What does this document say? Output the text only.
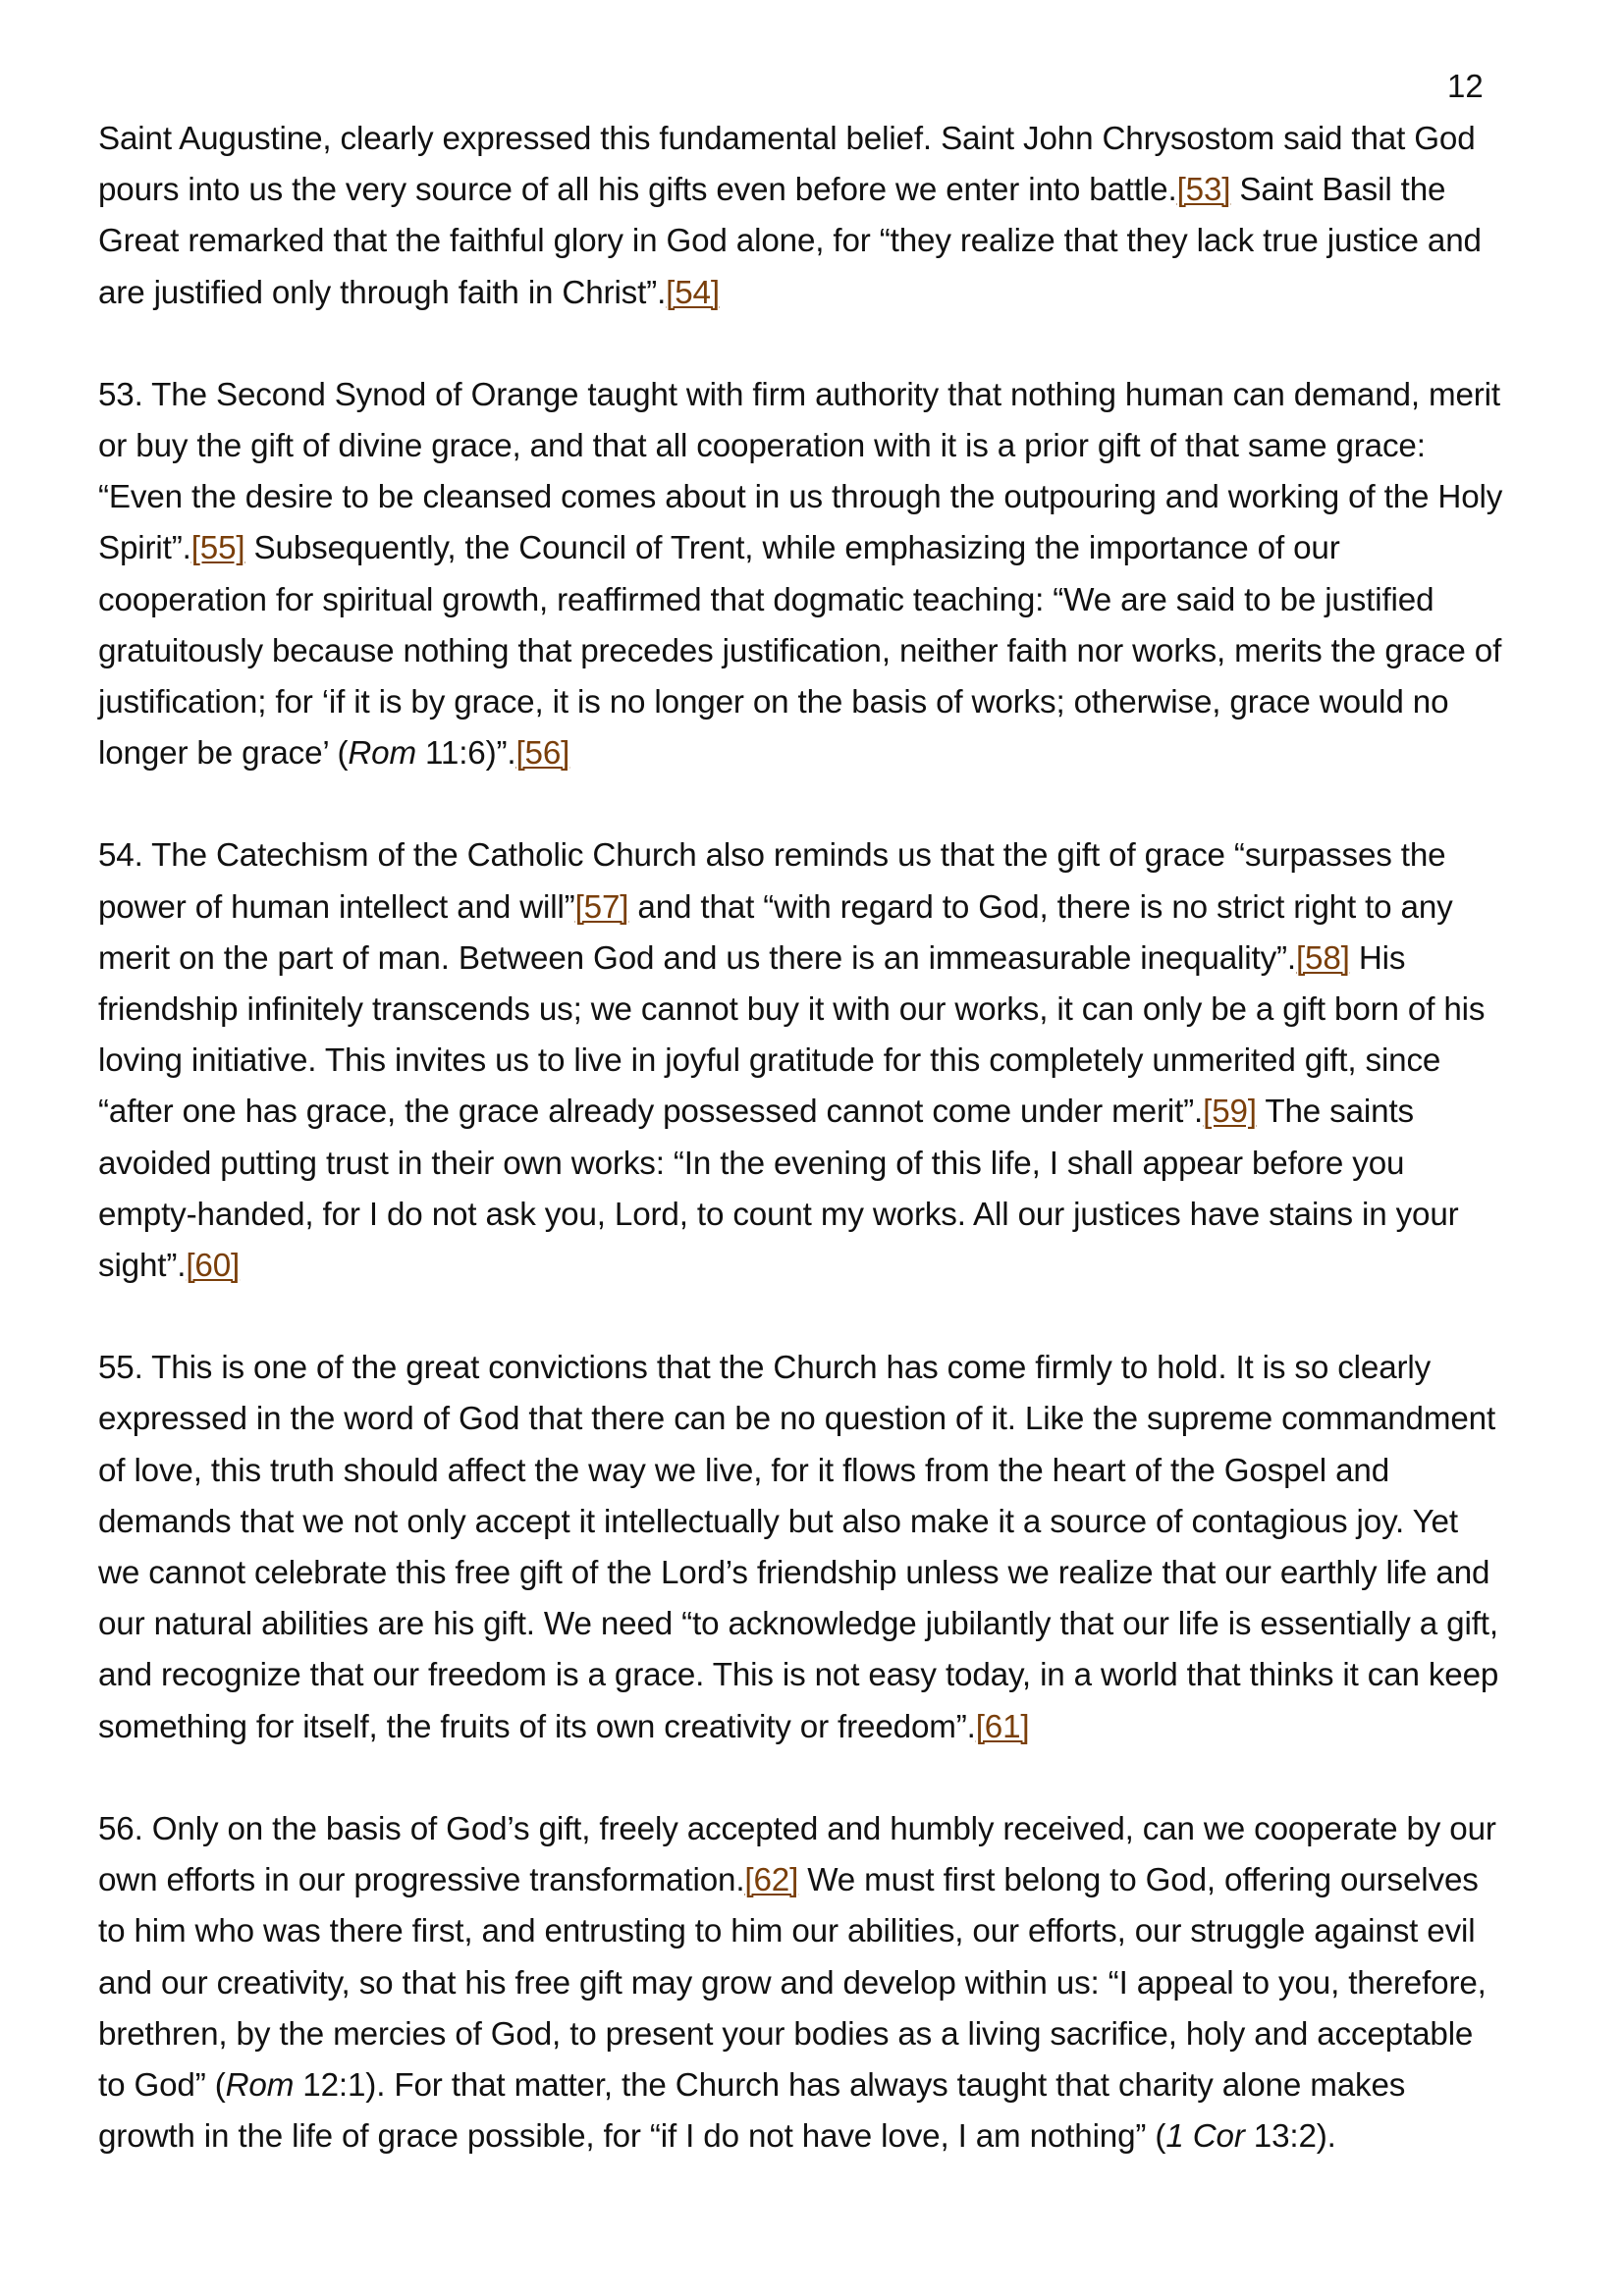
12

Saint Augustine, clearly expressed this fundamental belief. Saint John Chrysostom said that God
pours into us the very source of all his gifts even before we enter into battle.[53] Saint Basil the
Great remarked that the faithful glory in God alone, for “they realize that they lack true justice and
are justified only through faith in Christ”.[54]

53. The Second Synod of Orange taught with firm authority that nothing human can demand, merit
or buy the gift of divine grace, and that all cooperation with it is a prior gift of that same grace:
“Even the desire to be cleansed comes about in us through the outpouring and working of the Holy
Spirit”.[55] Subsequently, the Council of Trent, while emphasizing the importance of our
cooperation for spiritual growth, reaffirmed that dogmatic teaching: “We are said to be justified
gratuitously because nothing that precedes justification, neither faith nor works, merits the grace of
justification; for ‘if it is by grace, it is no longer on the basis of works; otherwise, grace would no
longer be grace’ (Rom 11:6)”.[56]

54. The Catechism of the Catholic Church also reminds us that the gift of grace “surpasses the
power of human intellect and will”[57] and that “with regard to God, there is no strict right to any
merit on the part of man. Between God and us there is an immeasurable inequality”.[58] His
friendship infinitely transcends us; we cannot buy it with our works, it can only be a gift born of his
loving initiative. This invites us to live in joyful gratitude for this completely unmerited gift, since
“after one has grace, the grace already possessed cannot come under merit”.[59] The saints
avoided putting trust in their own works: “In the evening of this life, I shall appear before you
empty-handed, for I do not ask you, Lord, to count my works. All our justices have stains in your
sight”.[60]

55. This is one of the great convictions that the Church has come firmly to hold. It is so clearly
expressed in the word of God that there can be no question of it. Like the supreme commandment
of love, this truth should affect the way we live, for it flows from the heart of the Gospel and
demands that we not only accept it intellectually but also make it a source of contagious joy. Yet
we cannot celebrate this free gift of the Lord’s friendship unless we realize that our earthly life and
our natural abilities are his gift. We need “to acknowledge jubilantly that our life is essentially a gift,
and recognize that our freedom is a grace. This is not easy today, in a world that thinks it can keep
something for itself, the fruits of its own creativity or freedom”.[61]

56. Only on the basis of God’s gift, freely accepted and humbly received, can we cooperate by our
own efforts in our progressive transformation.[62] We must first belong to God, offering ourselves
to him who was there first, and entrusting to him our abilities, our efforts, our struggle against evil
and our creativity, so that his free gift may grow and develop within us: “I appeal to you, therefore,
brethren, by the mercies of God, to present your bodies as a living sacrifice, holy and acceptable
to God” (Rom 12:1). For that matter, the Church has always taught that charity alone makes
growth in the life of grace possible, for “if I do not have love, I am nothing” (1 Cor 13:2).
